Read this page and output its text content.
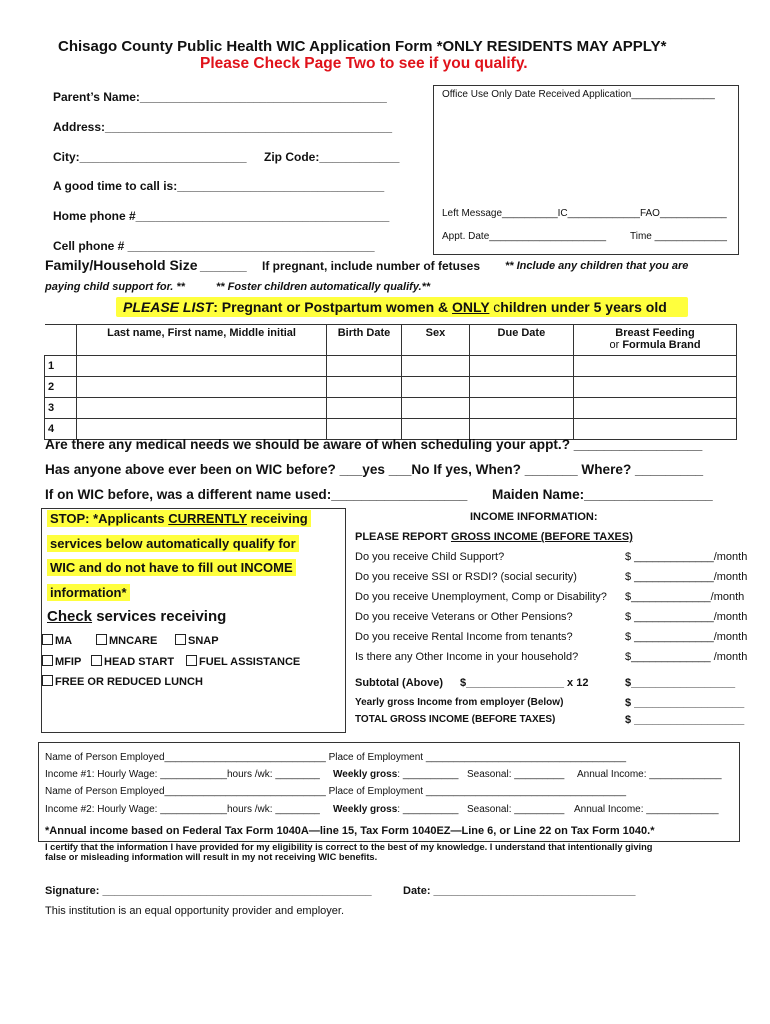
Chisago County Public Health WIC Application Form *ONLY RESIDENTS MAY APPLY*
Please Check Page Two to see if you qualify.
Office Use Only Date Received Application_______________
Left Message__________IC_____________FAO____________
Appt. Date_____________________ Time _____________
Parent’s Name:_____________________________________
Address:___________________________________________
City:_________________________ Zip Code:____________
A good time to call is:_______________________________
Home phone #______________________________________
Cell phone # _____________________________________
Family/Household Size _______ If pregnant, include number of fetuses ** Include any children that you are
paying child support for. **	** Foster children automatically qualify.**
PLEASE LIST: Pregnant or Postpartum women & ONLY children under 5 years old
	Last name, First name, Middle initial	Birth Date	Sex	Due Date	Breast Feeding
or Formula Brand
1					
2					
3					
4					
Are there any medical needs we should be aware of when scheduling your appt.? _________________
Has anyone above ever been on WIC before? ___yes ___No If yes, When? _______ Where? _________
If on WIC before, was a different name used:__________________ Maiden Name:_________________
STOP: *Applicants CURRENTLY receiving
services below automatically qualify for
WIC and do not have to fill out INCOME
information*
Check services receiving
MA	MNCARE	SNAP
MFIP	HEAD START	FUEL ASSISTANCE
FREE OR REDUCED LUNCH
INCOME INFORMATION:
PLEASE REPORT GROSS INCOME (BEFORE TAXES)
Do you receive Child Support?	$ _____________/month
Do you receive SSI or RSDI? (social security)	$ _____________/month
Do you receive Unemployment, Comp or Disability? $_____________/month
Do you receive Veterans or Other Pensions?	$ _____________/month
Do you receive Rental Income from tenants?	$ _____________/month
Is there any Other Income in your household?	$_____________ /month
Subtotal (Above) $________________ x 12	$_________________
Yearly gross Income from employer (Below)	$ __________________
TOTAL GROSS INCOME (BEFORE TAXES)	$ __________________
Name of Person Employed_____________________________ Place of Employment ____________________________________
Income #1: Hourly Wage: ____________hours /wk: ________ Weekly gross: __________ Seasonal: _________ Annual Income: _____________
Name of Person Employed_____________________________ Place of Employment ____________________________________
Income #2: Hourly Wage: ____________hours /wk: ________ Weekly gross: __________ Seasonal: _________ Annual Income: _____________
*Annual income based on Federal Tax Form 1040A—line 15, Tax Form 1040EZ—Line 6, or Line 22 on Tax Form 1040.*
I certify that the information I have provided for my eligibility is correct to the best of my knowledge. I understand that intentionally giving
false or misleading information will result in my not receiving WIC benefits.
Signature: ____________________________________________	Date: _________________________________
This institution is an equal opportunity provider and employer.
